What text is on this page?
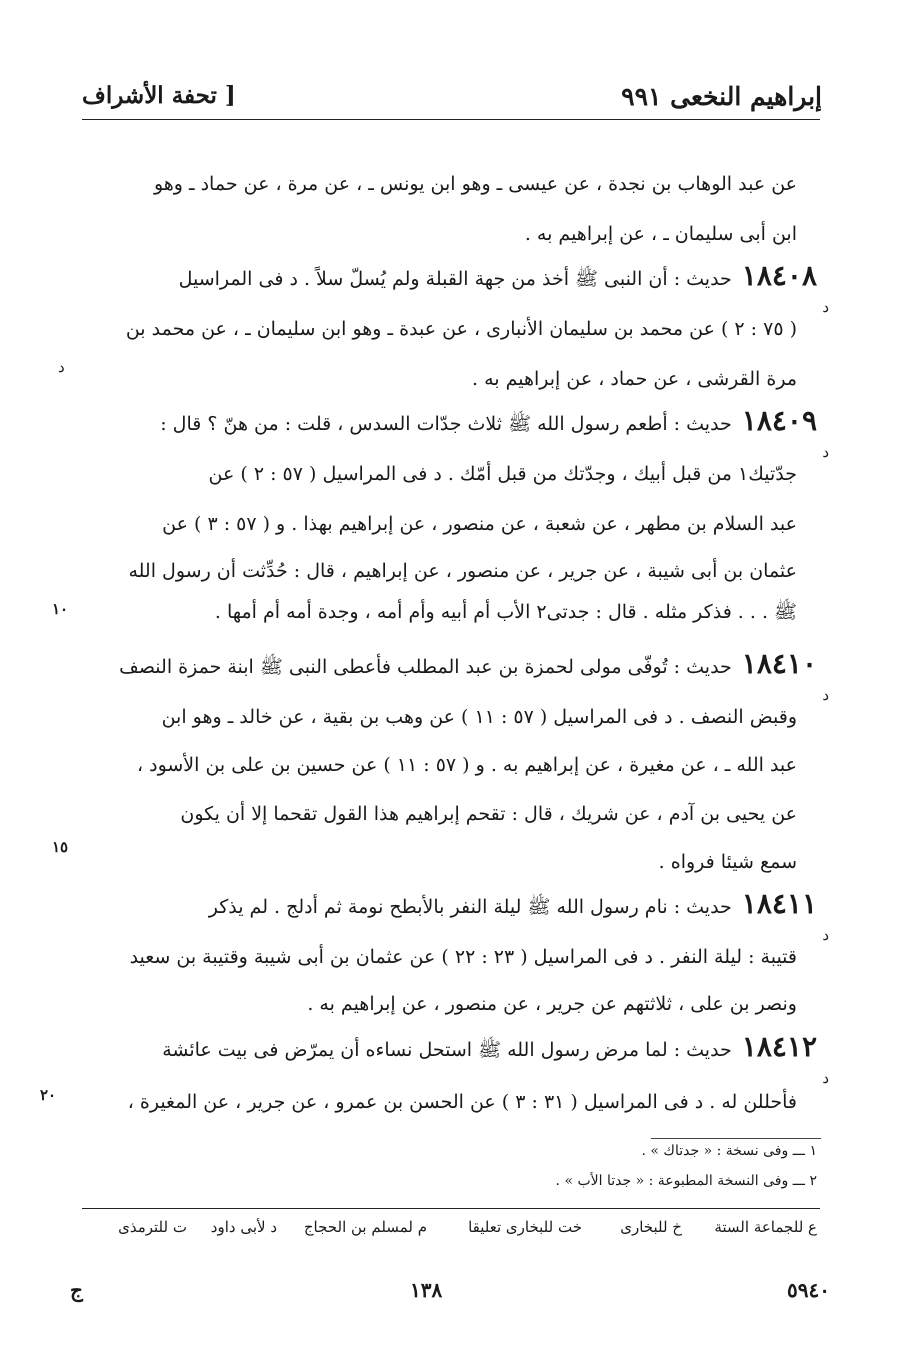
إبراهيم النخعى ٩٩١
[ تحفة الأشراف
عن عبد الوهاب بن نجدة ، عن عيسى ـ وهو ابن يونس ـ ، عن مرة ، عن حماد ـ وهو
ابن أبى سليمان ـ ، عن إبراهيم به .
١٨٤٠٨حديث : أن النبى ﷺ أخذ من جهة القبلة ولم يُسلّ سلاً . د فى المراسيل
د
( ٧٥ : ٢ ) عن محمد بن سليمان الأنبارى ، عن عبدة ـ وهو ابن سليمان ـ ، عن محمد بن
مرة القرشى ، عن حماد ، عن إبراهيم به .
د
١٨٤٠٩حديث : أطعم رسول الله ﷺ ثلاث جدّات السدس ، قلت : من هنّ ؟ قال :
د
جدّتيك١ من قبل أبيك ، وجدّتك من قبل أمّك . د فى المراسيل ( ٥٧ : ٢ ) عن
عبد السلام بن مطهر ، عن شعبة ، عن منصور ، عن إبراهيم بهذا . و ( ٥٧ : ٣ ) عن
عثمان بن أبى شيبة ، عن جرير ، عن منصور ، عن إبراهيم ، قال : حُدِّثت أن رسول الله
ﷺ . . . فذكر مثله . قال : جدتى٢ الأب أم أبيه وأم أمه ، وجدة أمه أم أمها .
١٠
١٨٤١٠حديث : تُوفّى مولى لحمزة بن عبد المطلب فأعطى النبى ﷺ ابنة حمزة النصف
د
وقبض النصف . د فى المراسيل ( ٥٧ : ١١ ) عن وهب بن بقية ، عن خالد ـ وهو ابن
عبد الله ـ ، عن مغيرة ، عن إبراهيم به . و ( ٥٧ : ١١ ) عن حسين بن على بن الأسود ،
عن يحيى بن آدم ، عن شريك ، قال : تقحم إبراهيم هذا القول تقحما إلا أن يكون
سمع شيئا فرواه .
١٥
١٨٤١١حديث : نام رسول الله ﷺ ليلة النفر بالأبطح نومة ثم أدلج . لم يذكر
د
قتيبة : ليلة النفر . د فى المراسيل ( ٢٣ : ٢٢ ) عن عثمان بن أبى شيبة وقتيبة بن سعيد
ونصر بن على ، ثلاثتهم عن جرير ، عن منصور ، عن إبراهيم به .
١٨٤١٢حديث : لما مرض رسول الله ﷺ استحل نساءه أن يمرّض فى بيت عائشة
د
فأحللن له . د فى المراسيل ( ٣١ : ٣ ) عن الحسن بن عمرو ، عن جرير ، عن المغيرة ،
٢٠
١ ـــ وفى نسخة : « جدتاك » .
٢ ـــ وفى النسخة المطبوعة : « جدتا الأب » .
ع للجماعة الستة
خ للبخارى
خت للبخارى تعليقا
م لمسلم بن الحجاج
د لأبى داود
ت للترمذى
٥٩٤٠
١٣٨
ج
